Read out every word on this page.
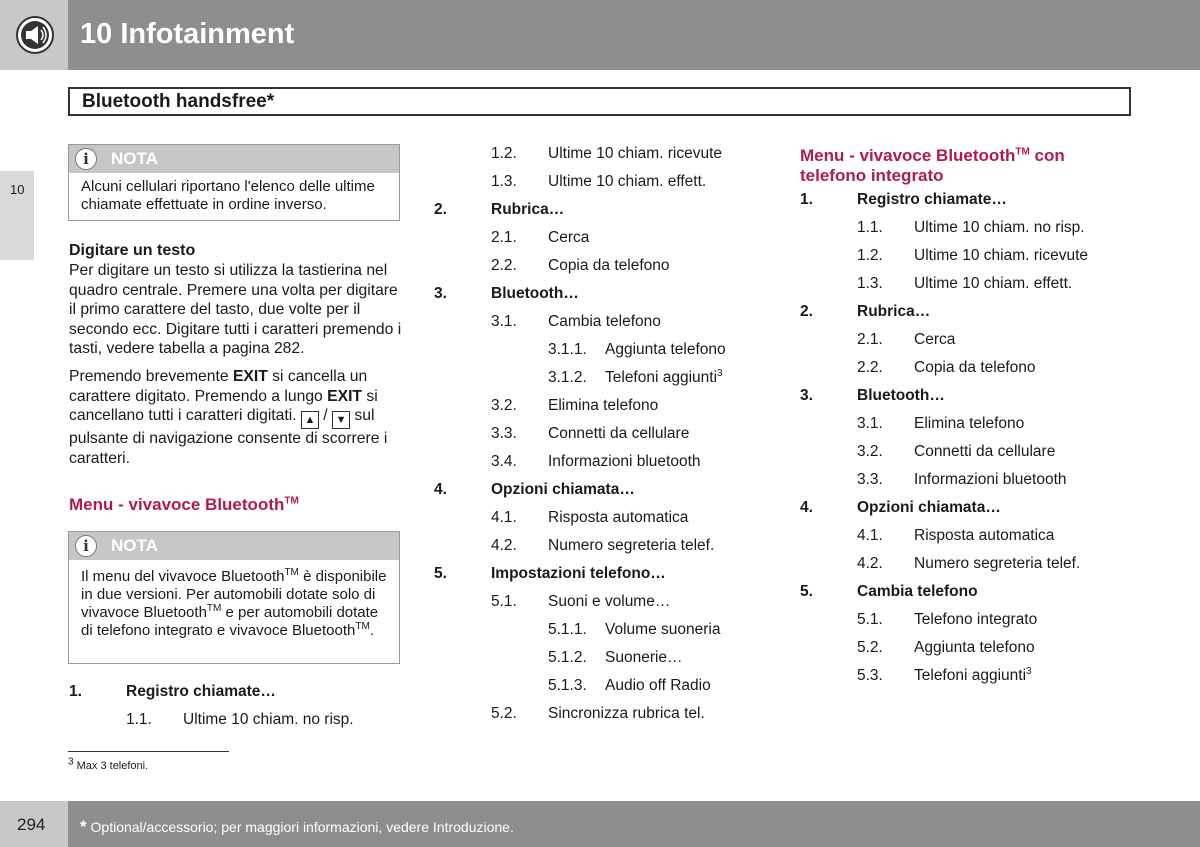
10 Infotainment
Bluetooth handsfree*
10
i	NOTA
Alcuni cellulari riportano l'elenco delle ultime chiamate effettuate in ordine inverso.
Digitare un testo
Per digitare un testo si utilizza la tastierina nel quadro centrale. Premere una volta per digitare il primo carattere del tasto, due volte per il secondo ecc. Digitare tutti i caratteri premendo i tasti, vedere tabella a pagina 282.
Premendo brevemente EXIT si cancella un carattere digitato. Premendo a lungo EXIT si cancellano tutti i caratteri digitati. ▲ / ▼ sul pulsante di navigazione consente di scorrere i caratteri.
Menu - vivavoce Bluetooth™
i	NOTA
Il menu del vivavoce Bluetooth™ è disponibile in due versioni. Per automobili dotate solo di vivavoce Bluetooth™ e per automobili dotate di telefono integrato e vivavoce Bluetooth™.
1.	Registro chiamate…
1.1. Ultime 10 chiam. no risp.
1.2. Ultime 10 chiam. ricevute
1.3. Ultime 10 chiam. effett.
2.	Rubrica…
2.1. Cerca
2.2. Copia da telefono
3.	Bluetooth…
3.1. Cambia telefono
3.1.1. Aggiunta telefono
3.1.2. Telefoni aggiunti$^3$
3.2. Elimina telefono
3.3. Connetti da cellulare
3.4. Informazioni bluetooth
4.	Opzioni chiamata…
4.1. Risposta automatica
4.2. Numero segreteria telef.
5.	Impostazioni telefono…
5.1. Suoni e volume…
5.1.1. Volume suoneria
5.1.2. Suonerie…
5.1.3. Audio off Radio
5.2. Sincronizza rubrica tel.
Menu - vivavoce Bluetooth™ con
telefono integrato
1.	Registro chiamate…
1.1. Ultime 10 chiam. no risp.
1.2. Ultime 10 chiam. ricevute
1.3. Ultime 10 chiam. effett.
2.	Rubrica…
2.1. Cerca
2.2. Copia da telefono
3.	Bluetooth…
3.1. Elimina telefono
3.2. Connetti da cellulare
3.3. Informazioni bluetooth
4.	Opzioni chiamata…
4.1. Risposta automatica
4.2. Numero segreteria telef.
5.	Cambia telefono
5.1. Telefono integrato
5.2. Aggiunta telefono
5.3. Telefoni aggiunti$^3$
$^3$ Max 3 telefoni.
294 * Optional/accessorio; per maggiori informazioni, vedere Introduzione.
